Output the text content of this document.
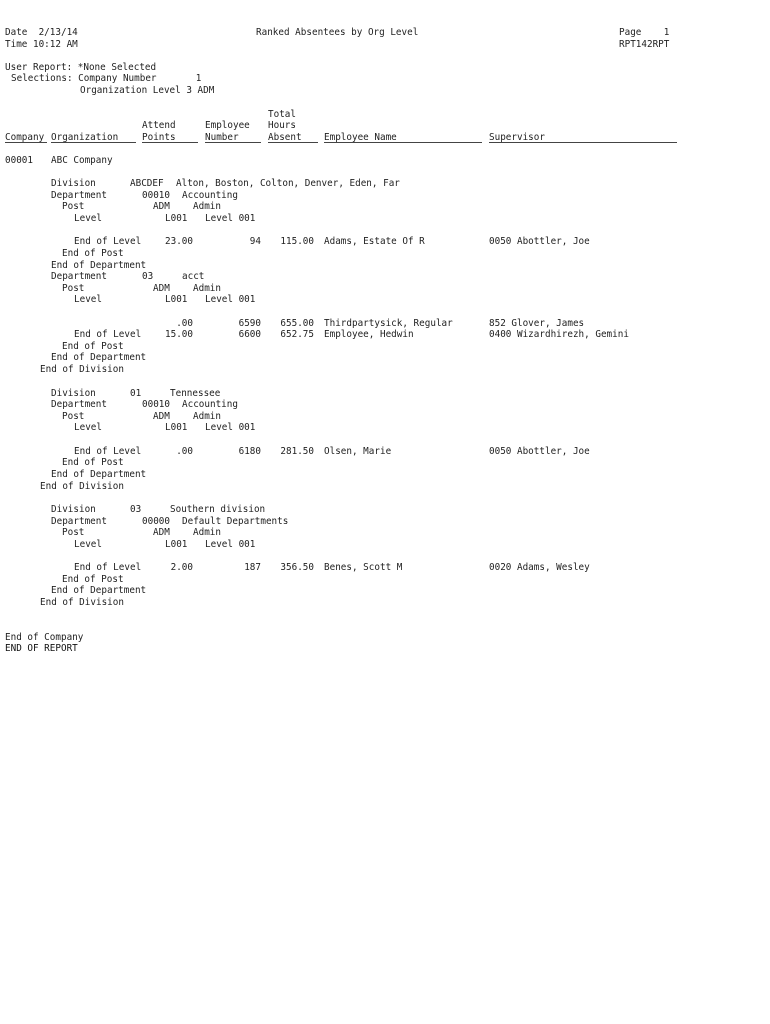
Date  2/13/14
Time 10:12 AM
Ranked Absentees by Org Level	Page    1
RPT142RPT
User Report: *None Selected
Selections: Company Number       1
Organization Level 3 ADM
Total
Attend	Employee Hours
Company Organization	Points	Number	Absent Employee Name	Supervisor
00001 ABC Company
Division	ABCDEF Alton, Boston, Colton, Denver, Eden, Far
Department	00010 Accounting
Post	ADM Admin
Level	L001 Level 001
End of Level	23.00	94	115.00 Adams, Estate Of R	0050 Abottler, Joe
End of Post
End of Department
Department	03	acct
Post	ADM Admin
Level	L001 Level 001
.00	6590	655.00 Thirdpartysick, Regular	852 Glover, James
End of Level	15.00	6600	652.75 Employee, Hedwin	0400 Wizardhirezh, Gemini
End of Post
End of Department
End of Division
Division	01	Tennessee
Department	00010 Accounting
Post	ADM Admin
Level	L001 Level 001
End of Level	.00	6180	281.50 Olsen, Marie	0050 Abottler, Joe
End of Post
End of Department
End of Division
Division	03	Southern division
Department	00000 Default Departments
Post	ADM Admin
Level	L001 Level 001
End of Level	2.00	187	356.50 Benes, Scott M	0020 Adams, Wesley
End of Post
End of Department
End of Division
End of Company
END OF REPORT
